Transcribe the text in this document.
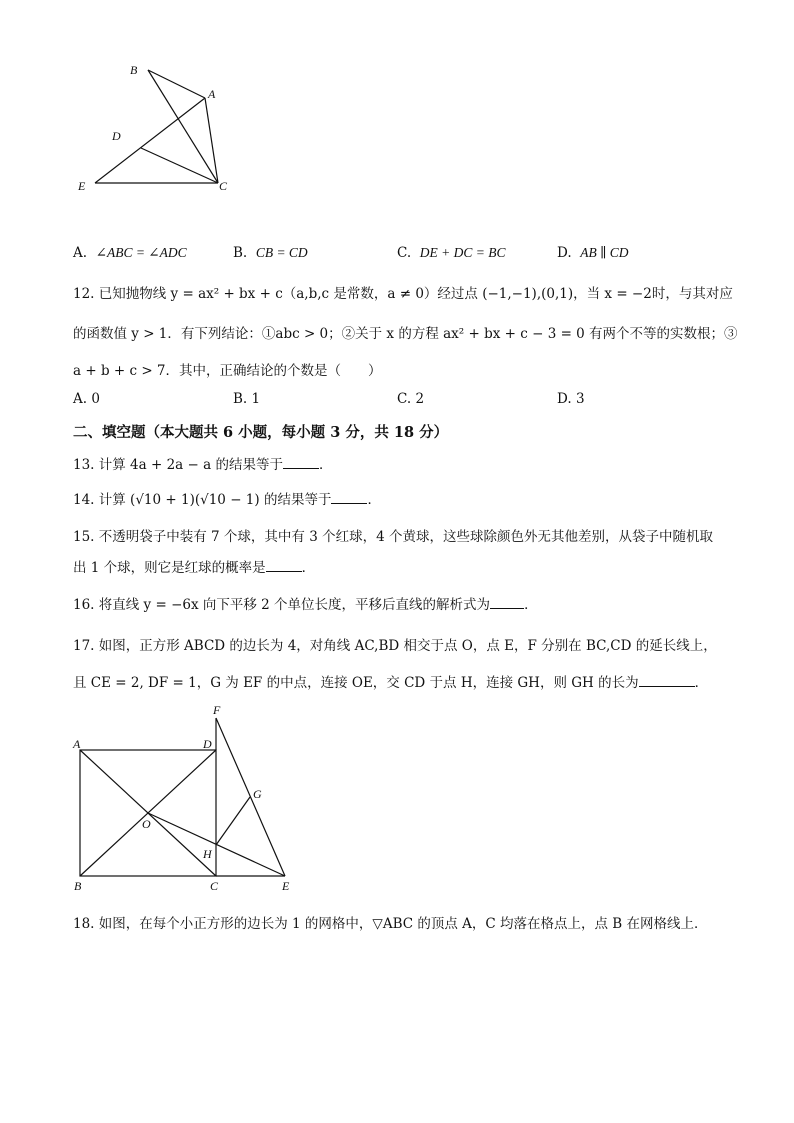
B
A
D
E	C
A. ∠ABC = ∠ADC	B. CB = CD	C. DE + DC = BC	D. AB ∥ CD
12. 已知抛物线 y = ax² + bx + c（a,b,c 是常数，a ≠ 0）经过点 (−1,−1),(0,1)，当 x = −2时，与其对应
的函数值 y > 1．有下列结论：①abc > 0；②关于 x 的方程 ax² + bx + c − 3 = 0 有两个不等的实数根；③
a + b + c > 7．其中，正确结论的个数是（　　）
A. 0	B. 1	C. 2	D. 3
二、填空题（本大题共 6 小题，每小题 3 分，共 18 分）
13. 计算 4a + 2a − a 的结果等于	．
14. 计算 (√10 + 1)(√10 − 1) 的结果等于	．
15. 不透明袋子中装有 7 个球，其中有 3 个红球，4 个黄球，这些球除颜色外无其他差别，从袋子中随机取
出 1 个球，则它是红球的概率是	．
16. 将直线 y = −6x 向下平移 2 个单位长度，平移后直线的解析式为	．
17. 如图，正方形 ABCD 的边长为 4，对角线 AC,BD 相交于点 O，点 E，F 分别在 BC,CD 的延长线上，
且 CE = 2, DF = 1，G 为 EF 的中点，连接 OE，交 CD 于点 H，连接 GH，则 GH 的长为	．
F
A	D
G
O
H
B	C	E
18. 如图，在每个小正方形的边长为 1 的网格中，▽ABC 的顶点 A，C 均落在格点上，点 B 在网格线上．
